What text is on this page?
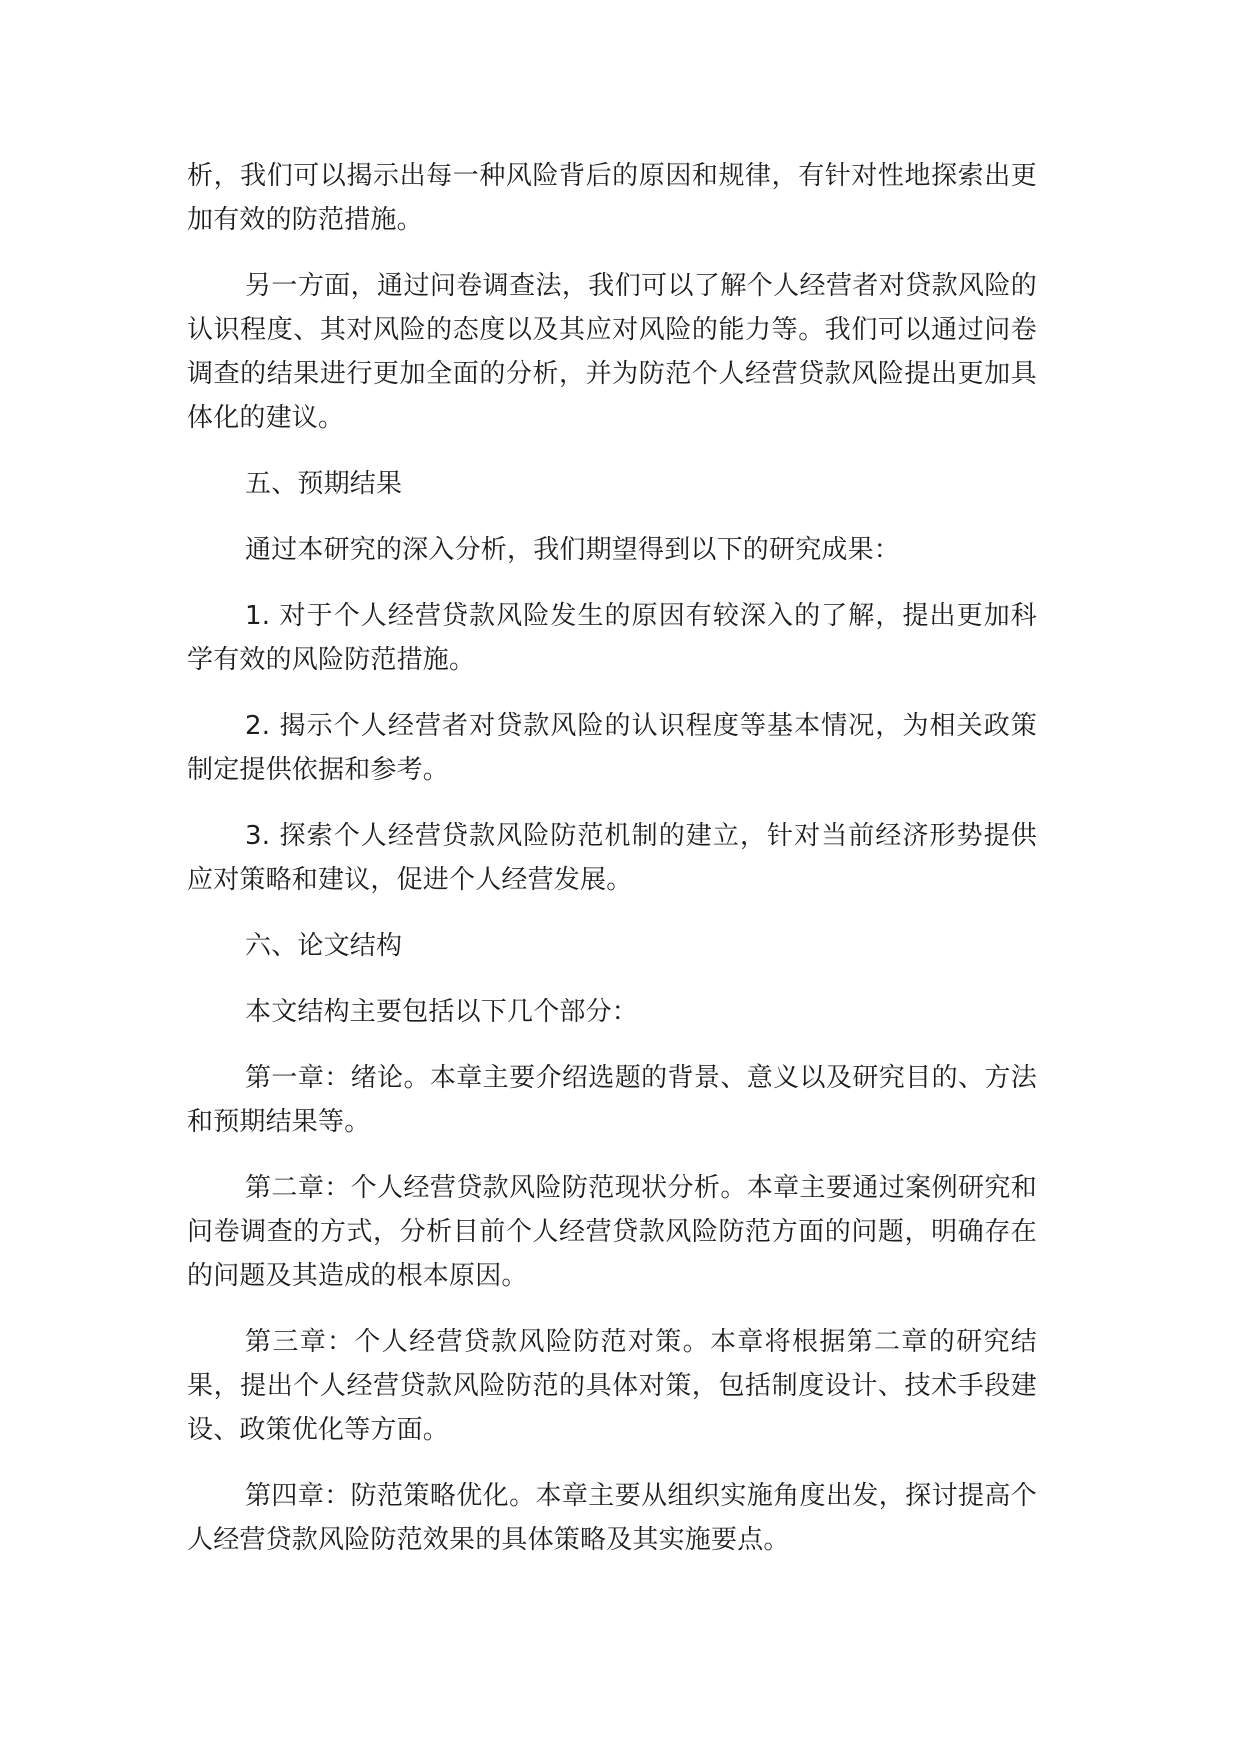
析，我们可以揭示出每一种风险背后的原因和规律，有针对性地探索出更加有效的防范措施。

另一方面，通过问卷调查法，我们可以了解个人经营者对贷款风险的认识程度、其对风险的态度以及其应对风险的能力等。我们可以通过问卷调查的结果进行更加全面的分析，并为防范个人经营贷款风险提出更加具体化的建议。

五、预期结果

通过本研究的深入分析，我们期望得到以下的研究成果：

1. 对于个人经营贷款风险发生的原因有较深入的了解，提出更加科学有效的风险防范措施。

2. 揭示个人经营者对贷款风险的认识程度等基本情况，为相关政策制定提供依据和参考。

3. 探索个人经营贷款风险防范机制的建立，针对当前经济形势提供应对策略和建议，促进个人经营发展。

六、论文结构

本文结构主要包括以下几个部分：

第一章：绪论。本章主要介绍选题的背景、意义以及研究目的、方法和预期结果等。

第二章：个人经营贷款风险防范现状分析。本章主要通过案例研究和问卷调查的方式，分析目前个人经营贷款风险防范方面的问题，明确存在的问题及其造成的根本原因。

第三章：个人经营贷款风险防范对策。本章将根据第二章的研究结果，提出个人经营贷款风险防范的具体对策，包括制度设计、技术手段建设、政策优化等方面。

第四章：防范策略优化。本章主要从组织实施角度出发，探讨提高个人经营贷款风险防范效果的具体策略及其实施要点。
